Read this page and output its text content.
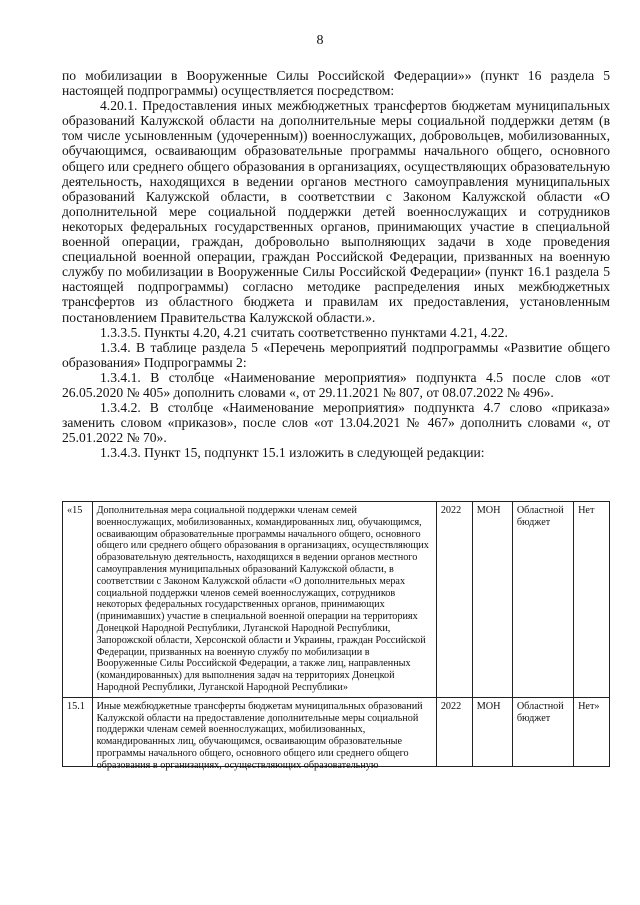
8

по мобилизации в Вооруженные Силы Российской Федерации»» (пункт 16 раздела 5 настоящей подпрограммы) осуществляется посредством:

4.20.1. Предоставления иных межбюджетных трансфертов бюджетам муниципальных образований Калужской области на дополнительные меры социальной поддержки детям (в том числе усыновленным (удочеренным)) военнослужащих, добровольцев, мобилизованных, обучающимся, осваивающим образовательные программы начального общего, основного общего или среднего общего образования в организациях, осуществляющих образовательную деятельность, находящихся в ведении органов местного самоуправления муниципальных образований Калужской области, в соответствии с Законом Калужской области «О дополнительной мере социальной поддержки детей военнослужащих и сотрудников некоторых федеральных государственных органов, принимающих участие в специальной военной операции, граждан, добровольно выполняющих задачи в ходе проведения специальной военной операции, граждан Российской Федерации, призванных на военную службу по мобилизации в Вооруженные Силы Российской Федерации» (пункт 16.1 раздела 5 настоящей подпрограммы) согласно методике распределения иных межбюджетных трансфертов из областного бюджета и правилам их предоставления, установленным постановлением Правительства Калужской области.».

1.3.3.5. Пункты 4.20, 4.21 считать соответственно пунктами 4.21, 4.22.

1.3.4. В таблице раздела 5 «Перечень мероприятий подпрограммы «Развитие общего образования» Подпрограммы 2:

1.3.4.1. В столбце «Наименование мероприятия» подпункта 4.5 после слов «от 26.05.2020 № 405» дополнить словами «, от 29.11.2021 № 807, от 08.07.2022 № 496».

1.3.4.2. В столбце «Наименование мероприятия» подпункта 4.7 слово «приказа» заменить словом «приказов», после слов «от 13.04.2021 № 467» дополнить словами «, от 25.01.2022 № 70».

1.3.4.3. Пункт 15, подпункт 15.1 изложить в следующей редакции:

«15	Дополнительная мера социальной поддержки членам семей военнослужащих, мобилизованных, командированных лиц, обучающимся, осваивающим образовательные программы начального общего, основного общего или среднего общего образования в организациях, осуществляющих образовательную деятельность, находящихся в ведении органов местного самоуправления муниципальных образований Калужской области, в соответствии с Законом Калужской области «О дополнительных мерах социальной поддержки членов семей военнослужащих, сотрудников некоторых федеральных государственных органов, принимающих (принимавших) участие в специальной военной операции на территориях Донецкой Народной Республики, Луганской Народной Республики, Запорожской области, Херсонской области и Украины, граждан Российской Федерации, призванных на военную службу по мобилизации в Вооруженные Силы Российской Федерации, а также лиц, направленных (командированных) для выполнения задач на территориях Донецкой Народной Республики, Луганской Народной Республики»	2022	МОН	Областной бюджет	Нет
15.1	Иные межбюджетные трансферты бюджетам муниципальных образований Калужской области на предоставление дополнительные меры социальной поддержки членам семей военнослужащих, мобилизованных, командированных лиц, обучающимся, осваивающим образовательные программы начального общего, основного общего или среднего общего образования в организациях, осуществляющих образовательную	2022	МОН	Областной бюджет	Нет»
